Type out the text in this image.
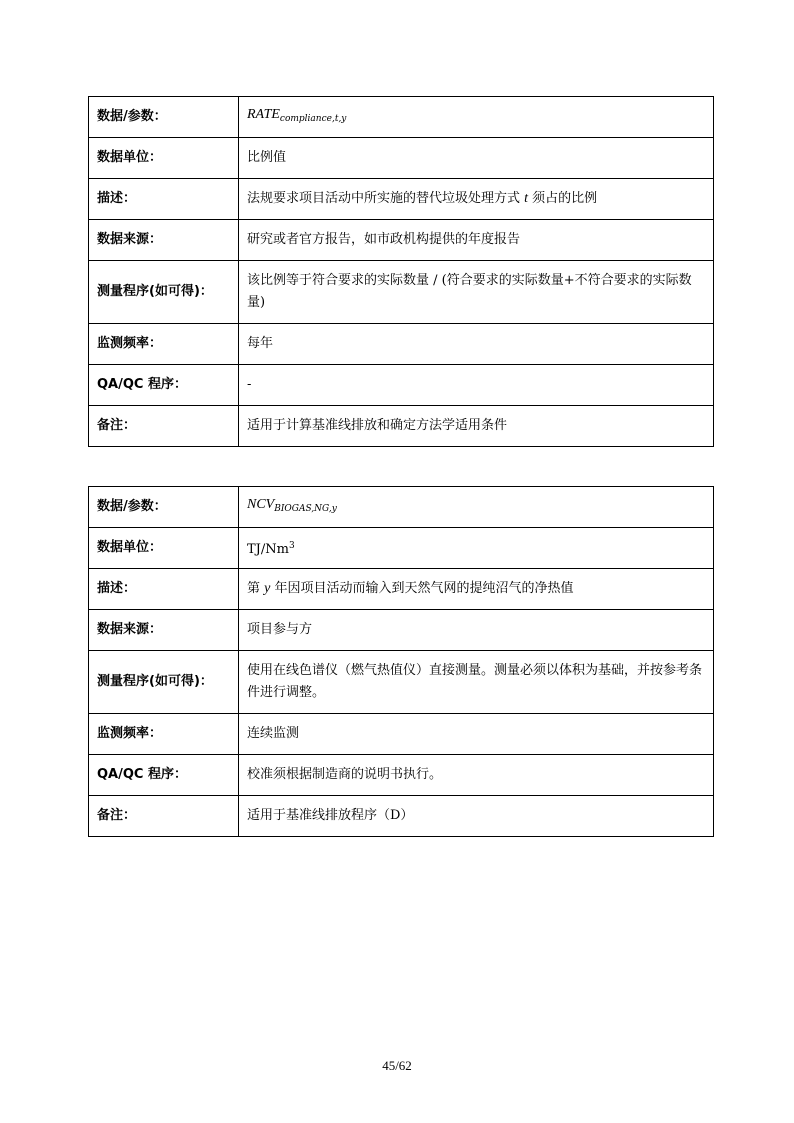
数据/参数：	$RATE_{compliance,t,y}$
数据单位：	比例值
描述：	法规要求项目活动中所实施的替代垃圾处理方式 t 须占的比例
数据来源：	研究或者官方报告，如市政机构提供的年度报告
测量程序(如可得)：	该比例等于符合要求的实际数量 / (符合要求的实际数量+不符合要求的实际数量)
监测频率：	每年
QA/QC 程序：	-
备注：	适用于计算基准线排放和确定方法学适用条件
数据/参数：	$NCV_{BIOGAS,NG,y}$
数据单位：	TJ/Nm$^3$
描述：	第 y 年因项目活动而输入到天然气网的提纯沼气的净热值
数据来源：	项目参与方
测量程序(如可得)：	使用在线色谱仪（燃气热值仪）直接测量。测量必须以体积为基础，并按参考条件进行调整。
监测频率：	连续监测
QA/QC 程序：	校准须根据制造商的说明书执行。
备注：	适用于基准线排放程序（D）
45/62
